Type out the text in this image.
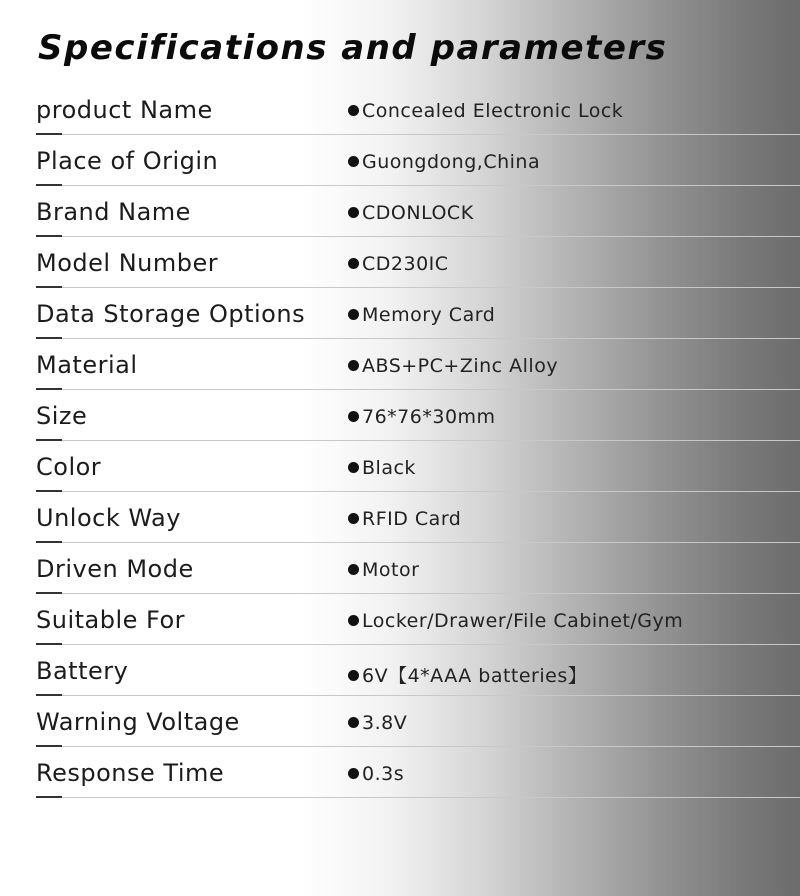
Specifications and parameters
product Name	Concealed Electronic Lock
Place of Origin	Guongdong,China
Brand Name	CDONLOCK
Model Number	CD230IC
Data Storage Options	Memory Card
Material	ABS+PC+Zinc Alloy
Size	76*76*30mm
Color	Black
Unlock Way	RFID Card
Driven Mode	Motor
Suitable For	Locker/Drawer/File Cabinet/Gym
Battery	6V【4*AAA batteries】
Warning Voltage	3.8V
Response Time	0.3s
